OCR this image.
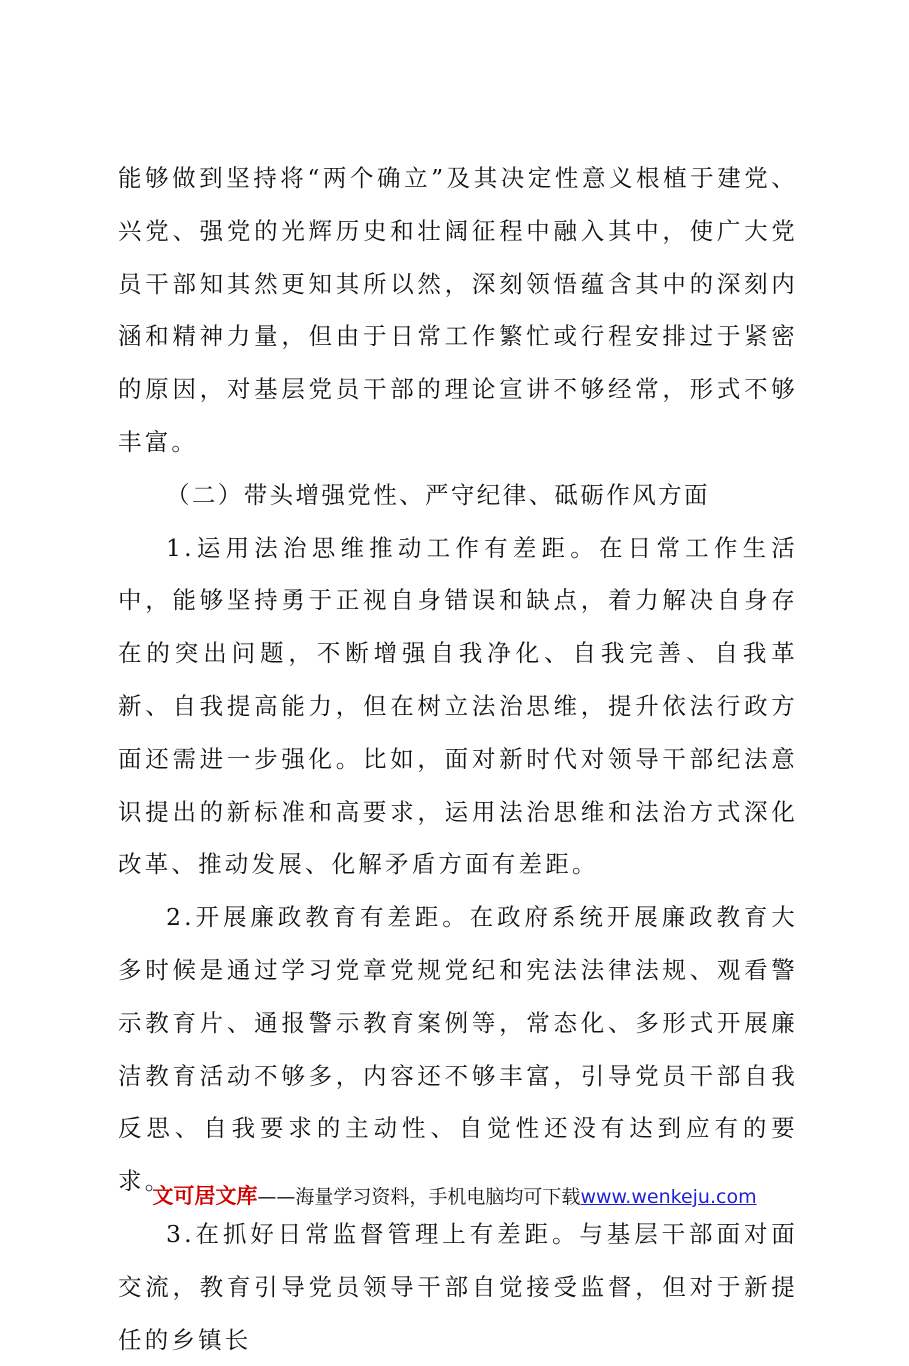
能够做到坚持将“两个确立”及其决定性意义根植于建党、兴党、强党的光辉历史和壮阔征程中融入其中，使广大党员干部知其然更知其所以然，深刻领悟蕴含其中的深刻内涵和精神力量，但由于日常工作繁忙或行程安排过于紧密的原因，对基层党员干部的理论宣讲不够经常，形式不够丰富。

（二）带头增强党性、严守纪律、砥砺作风方面

1.运用法治思维推动工作有差距。在日常工作生活中，能够坚持勇于正视自身错误和缺点，着力解决自身存在的突出问题，不断增强自我净化、自我完善、自我革新、自我提高能力，但在树立法治思维，提升依法行政方面还需进一步强化。比如，面对新时代对领导干部纪法意识提出的新标准和高要求，运用法治思维和法治方式深化改革、推动发展、化解矛盾方面有差距。

2.开展廉政教育有差距。在政府系统开展廉政教育大多时候是通过学习党章党规党纪和宪法法律法规、观看警示教育片、通报警示教育案例等，常态化、多形式开展廉洁教育活动不够多，内容还不够丰富，引导党员干部自我反思、自我要求的主动性、自觉性还没有达到应有的要求。

3.在抓好日常监督管理上有差距。与基层干部面对面交流，教育引导党员领导干部自觉接受监督，但对于新提任的乡镇长

文可居文库——海量学习资料，手机电脑均可下载www.wenkeju.com
